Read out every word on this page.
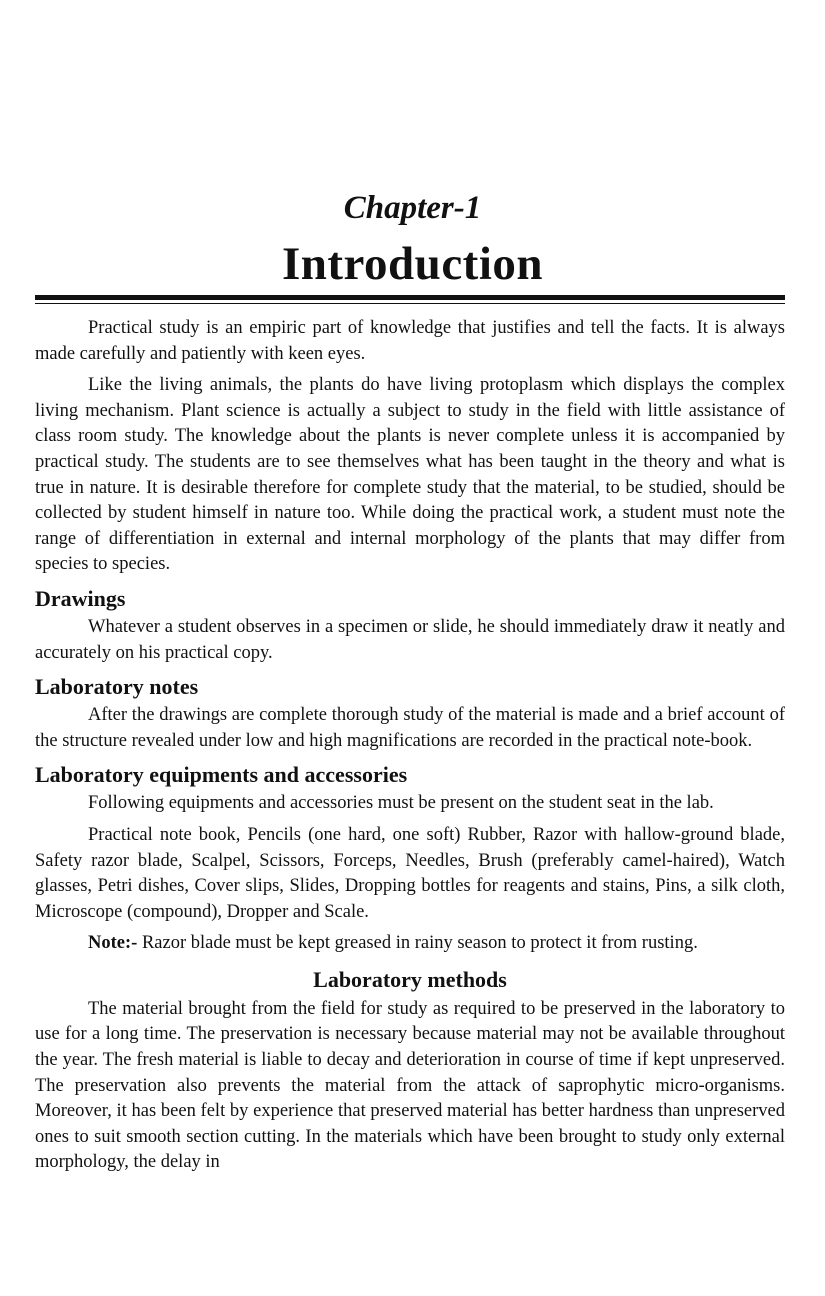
Chapter-1
Introduction

Practical study is an empiric part of knowledge that justifies and tell the facts. It is always made carefully and patiently with keen eyes.

Like the living animals, the plants do have living protoplasm which displays the complex living mechanism. Plant science is actually a subject to study in the field with little assistance of class room study. The knowledge about the plants is never complete unless it is accompanied by practical study. The students are to see themselves what has been taught in the theory and what is true in nature. It is desirable therefore for complete study that the material, to be studied, should be collected by student himself in nature too. While doing the practical work, a student must note the range of differentiation in external and internal morphology of the plants that may differ from species to species.

Drawings

Whatever a student observes in a specimen or slide, he should immediately draw it neatly and accurately on his practical copy.

Laboratory notes

After the drawings are complete thorough study of the material is made and a brief account of the structure revealed under low and high magnifications are recorded in the practical note-book.

Laboratory equipments and accessories

Following equipments and accessories must be present on the student seat in the lab.

Practical note book, Pencils (one hard, one soft) Rubber, Razor with hallow-ground blade, Safety razor blade, Scalpel, Scissors, Forceps, Needles, Brush (preferably camel-haired), Watch glasses, Petri dishes, Cover slips, Slides, Dropping bottles for reagents and stains, Pins, a silk cloth, Microscope (compound), Dropper and Scale.

Note:- Razor blade must be kept greased in rainy season to protect it from rusting.

Laboratory methods

The material brought from the field for study as required to be preserved in the laboratory to use for a long time. The preservation is necessary because material may not be available throughout the year. The fresh material is liable to decay and deterioration in course of time if kept unpreserved. The preservation also prevents the material from the attack of saprophytic micro-organisms. Moreover, it has been felt by experience that preserved material has better hardness than unpreserved ones to suit smooth section cutting. In the materials which have been brought to study only external morphology, the delay in
